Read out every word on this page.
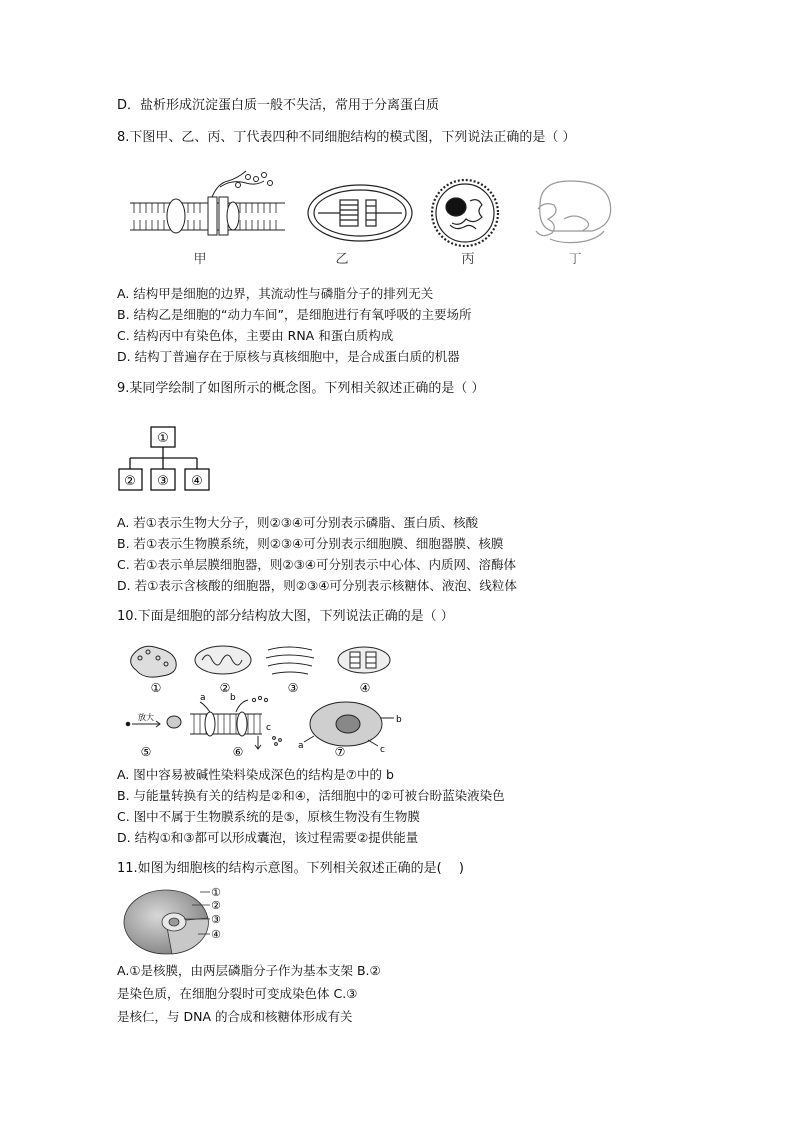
D．盐析形成沉淀蛋白质一般不失活，常用于分离蛋白质
8.下图甲、乙、丙、丁代表四种不同细胞结构的模式图，下列说法正确的是（ ）
甲	乙	丙	丁
A. 结构甲是细胞的边界，其流动性与磷脂分子的排列无关
B. 结构乙是细胞的“动力车间”，是细胞进行有氧呼吸的主要场所
C. 结构丙中有染色体，主要由 RNA 和蛋白质构成
D. 结构丁普遍存在于原核与真核细胞中，是合成蛋白质的机器
9.某同学绘制了如图所示的概念图。下列相关叙述正确的是（ ）
①
② ③ ④
A. 若①表示生物大分子，则②③④可分别表示磷脂、蛋白质、核酸
B. 若①表示生物膜系统，则②③④可分别表示细胞膜、细胞器膜、核膜
C. 若①表示单层膜细胞器，则②③④可分别表示中心体、内质网、溶酶体
D. 若①表示含核酸的细胞器，则②③④可分别表示核糖体、液泡、线粒体
10.下面是细胞的部分结构放大图，下列说法正确的是（ ）
①	②	③	④
⑤	⑥	⑦
放大
a	b
c
a
b
c
A. 图中容易被碱性染料染成深色的结构是⑦中的 b
B. 与能量转换有关的结构是②和④，活细胞中的②可被台盼蓝染液染色
C. 图中不属于生物膜系统的是⑤，原核生物没有生物膜
D. 结构①和③都可以形成囊泡，该过程需要②提供能量
11.如图为细胞核的结构示意图。下列相关叙述正确的是(　 )
①
②
③
④
A.①是核膜，由两层磷脂分子作为基本支架 B.②
是染色质，在细胞分裂时可变成染色体 C.③
是核仁，与 DNA 的合成和核糖体形成有关
